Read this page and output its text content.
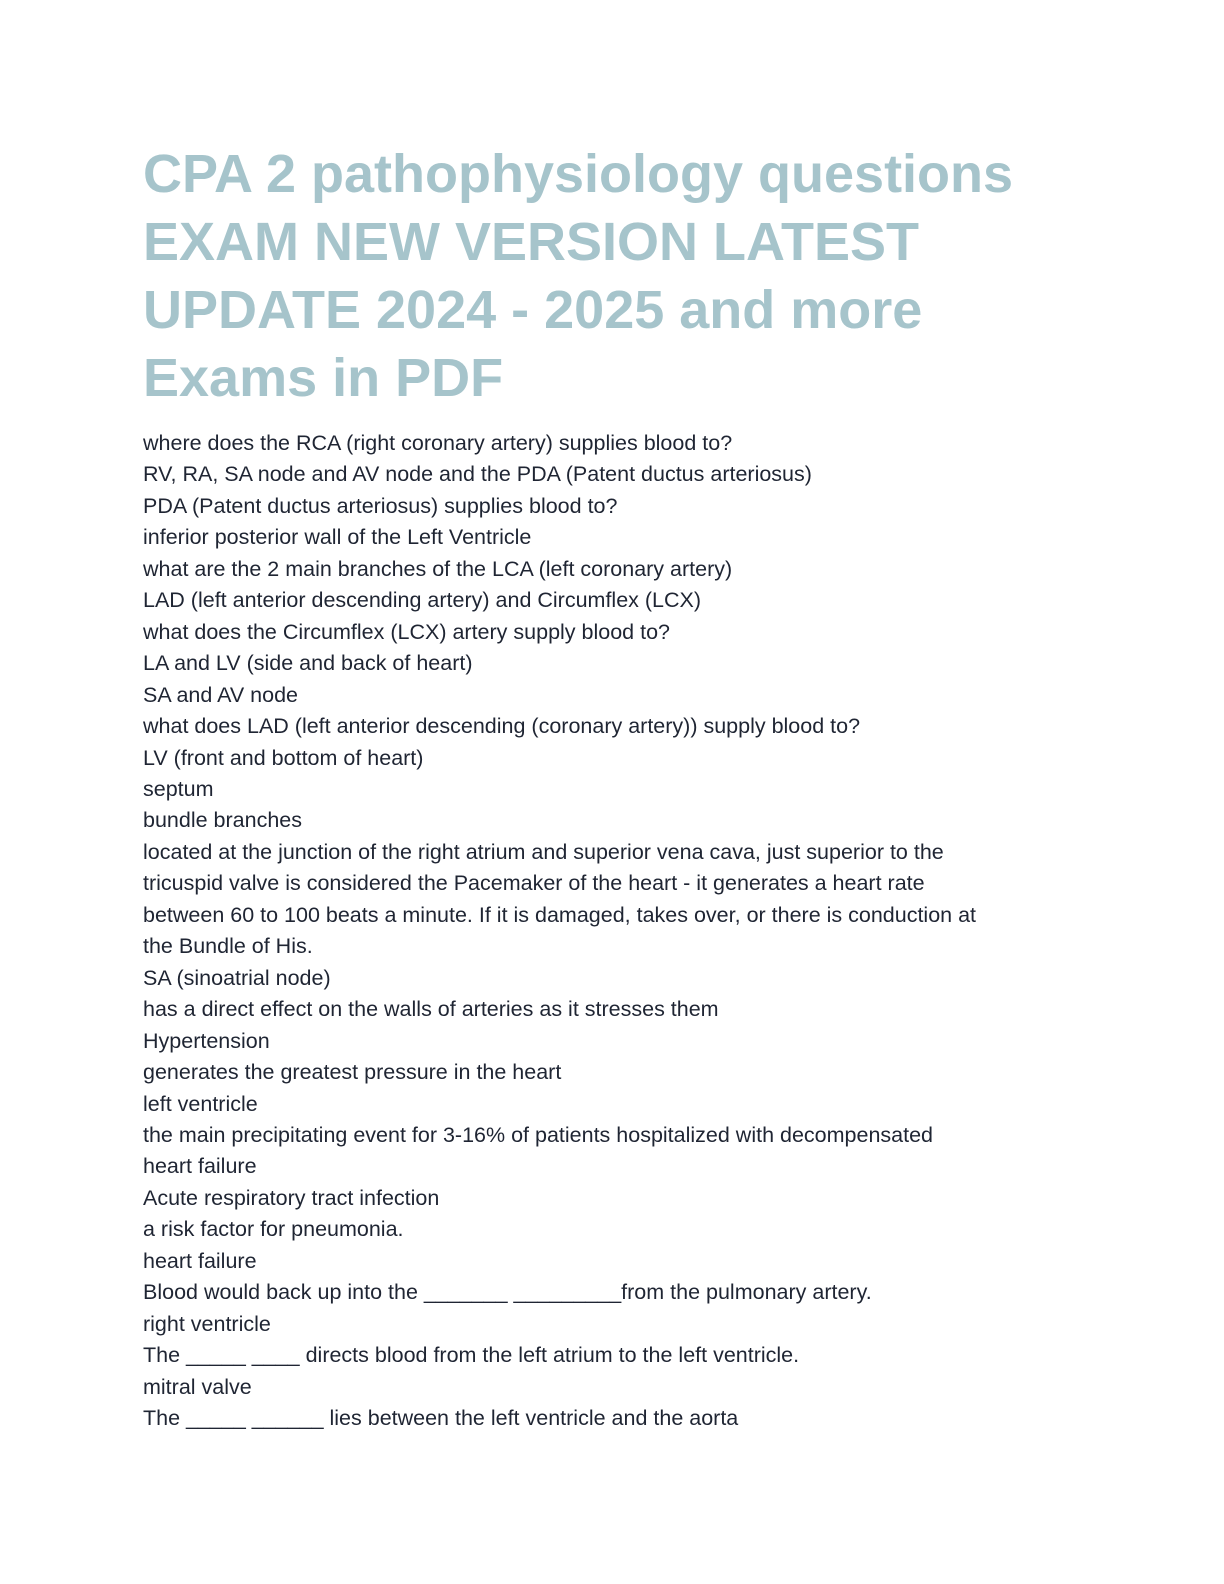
CPA 2 pathophysiology questions EXAM NEW VERSION LATEST UPDATE 2024 - 2025 and more Exams in PDF
where does the RCA (right coronary artery) supplies blood to?
RV, RA, SA node and AV node and the PDA (Patent ductus arteriosus)
PDA (Patent ductus arteriosus) supplies blood to?
inferior posterior wall of the Left Ventricle
what are the 2 main branches of the LCA (left coronary artery)
LAD (left anterior descending artery) and Circumflex (LCX)
what does the Circumflex (LCX) artery supply blood to?
LA and LV (side and back of heart)
SA and AV node
what does LAD (left anterior descending (coronary artery)) supply blood to?
LV (front and bottom of heart)
septum
bundle branches
located at the junction of the right atrium and superior vena cava, just superior to the
tricuspid valve is considered the Pacemaker of the heart - it generates a heart rate
between 60 to 100 beats a minute. If it is damaged, takes over, or there is conduction at
the Bundle of His.
SA (sinoatrial node)
has a direct effect on the walls of arteries as it stresses them
Hypertension
generates the greatest pressure in the heart
left ventricle
the main precipitating event for 3-16% of patients hospitalized with decompensated
heart failure
Acute respiratory tract infection
a risk factor for pneumonia.
heart failure
Blood would back up into the _______ _________from the pulmonary artery.
right ventricle
The _____ ____ directs blood from the left atrium to the left ventricle.
mitral valve
The _____ ______ lies between the left ventricle and the aorta
